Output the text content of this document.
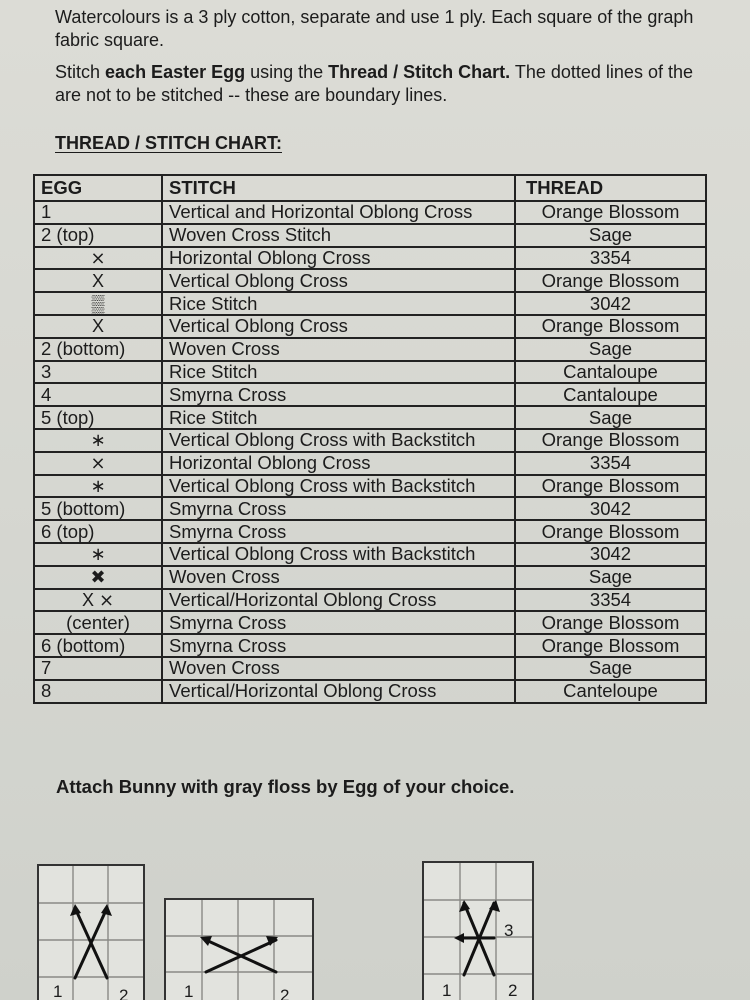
Watercolours is a 3 ply cotton, separate and use 1 ply. Each square of the graph
fabric square.

Stitch each Easter Egg using the Thread / Stitch Chart. The dotted lines of the
are not to be stitched -- these are boundary lines.

THREAD / STITCH CHART:

EGG	STITCH	THREAD
1	Vertical and Horizontal Oblong Cross	Orange Blossom
2 (top)	Woven Cross Stitch	Sage
⨯	Horizontal Oblong Cross	3354
X	Vertical Oblong Cross	Orange Blossom
▒	Rice Stitch	3042
X	Vertical Oblong Cross	Orange Blossom
2 (bottom)	Woven Cross	Sage
3	Rice Stitch	Cantaloupe
4	Smyrna Cross	Cantaloupe
5 (top)	Rice Stitch	Sage
∗	Vertical Oblong Cross with Backstitch	Orange Blossom
⨯	Horizontal Oblong Cross	3354
∗	Vertical Oblong Cross with Backstitch	Orange Blossom
5 (bottom)	Smyrna Cross	3042
6 (top)	Smyrna Cross	Orange Blossom
∗	Vertical Oblong Cross with Backstitch	3042
✖	Woven Cross	Sage
X ⨯	Vertical/Horizontal Oblong Cross	3354
(center)	Smyrna Cross	Orange Blossom
6 (bottom)	Smyrna Cross	Orange Blossom
7	Woven Cross	Sage
8	Vertical/Horizontal Oblong Cross	Canteloupe

Attach Bunny with gray floss by Egg of your choice.

1	2	1	2
3
1	2
